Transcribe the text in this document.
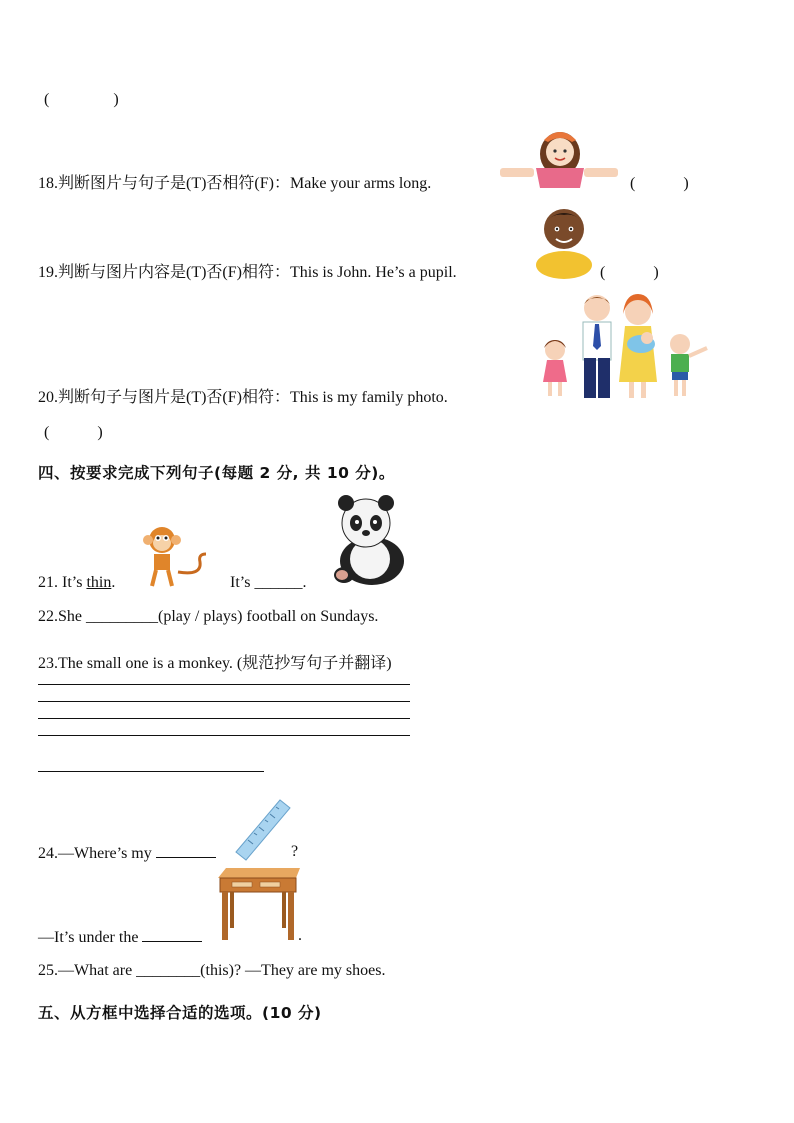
(　　　　)
18.判断图片与句子是(T)否相符(F)：Make your arms long.	(　　　)
19.判断与图片内容是(T)否(F)相符：This is John. He’s a pupil.	(　　　)
20.判断句子与图片是(T)否(F)相符：This is my family photo.
(　　　)
四、按要求完成下列句子(每题 2 分, 共 10 分)。
21. It’s thin.	It’s ______.
22.She _________(play / plays) football on Sundays.
23.The small one is a monkey. (规范抄写句子并翻译)
24.—Where’s my	?
—It’s under the	.
25.—What are ________(this)? —They are my shoes.
五、从方框中选择合适的选项。(10 分)
